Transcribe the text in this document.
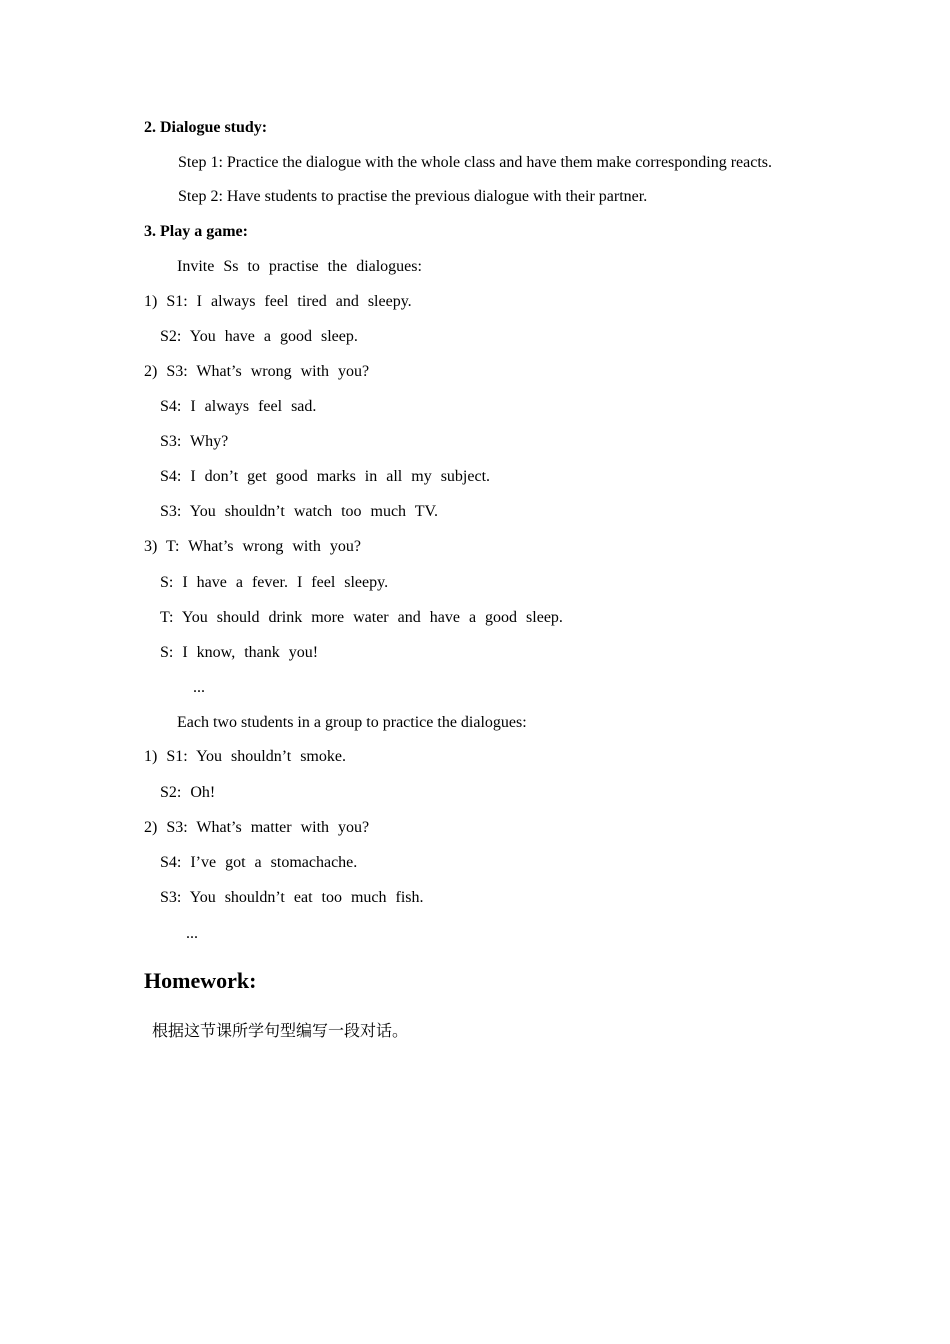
2. Dialogue study:
Step 1: Practice the dialogue with the whole class and have them make corresponding reacts.
Step 2: Have students to practise the previous dialogue with their partner.
3. Play a game:
Invite Ss to practise the dialogues:
1) S1: I always feel tired and sleepy.
S2: You have a good sleep.
2) S3: What’s wrong with you?
S4: I always feel sad.
S3: Why?
S4: I don’t get good marks in all my subject.
S3: You shouldn’t watch too much TV.
3) T: What’s wrong with you?
S: I have a fever. I feel sleepy.
T: You should drink more water and have a good sleep.
S: I know, thank you!
...
Each two students in a group to practice the dialogues:
1) S1: You shouldn’t smoke.
S2: Oh!
2) S3: What’s matter with you?
S4: I’ve got a stomachache.
S3: You shouldn’t eat too much fish.
...
Homework:
根据这节课所学句型编写一段对话。
